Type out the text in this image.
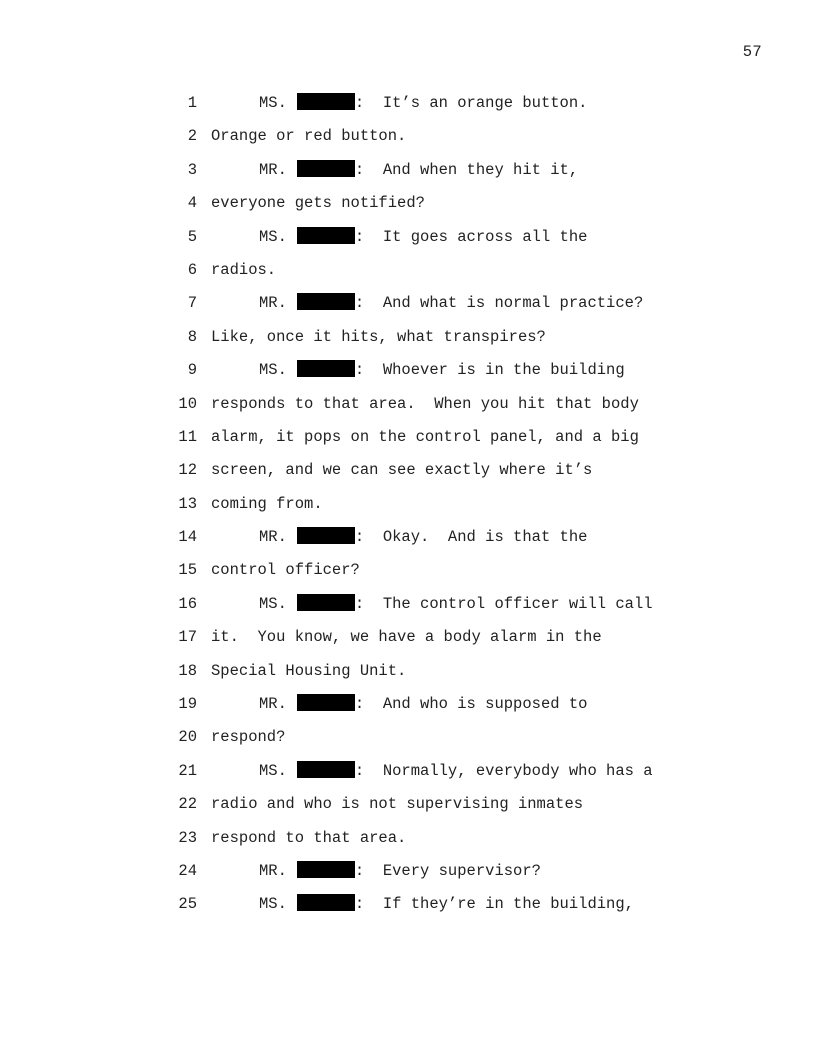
57
1	MS.	:  It’s an orange button.
2 Orange or red button.
3	MR.	:  And when they hit it,
4 everyone gets notified?
5	MS.	:  It goes across all the
6 radios.
7	MR.	:  And what is normal practice?
8 Like, once it hits, what transpires?
9	MS.	:  Whoever is in the building
10 responds to that area.  When you hit that body
11 alarm, it pops on the control panel, and a big
12 screen, and we can see exactly where it’s
13 coming from.
14	MR.	:  Okay.  And is that the
15 control officer?
16	MS.	:  The control officer will call
17 it.  You know, we have a body alarm in the
18 Special Housing Unit.
19	MR.	:  And who is supposed to
20 respond?
21	MS.	:  Normally, everybody who has a
22 radio and who is not supervising inmates
23 respond to that area.
24	MR.	:  Every supervisor?
25	MS.	:  If they’re in the building,
